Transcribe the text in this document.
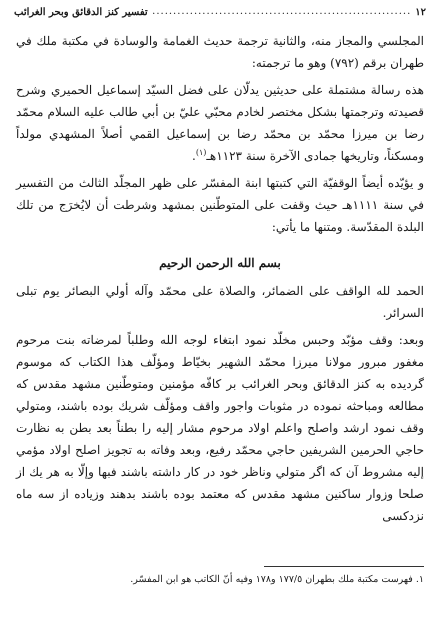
١٢
.....
تفسير كنز الدقائق وبحر الغرائب

المجلسي والمجاز منه، والثانية ترجمة حديث الغمامة والوسادة في مكتبة ملك في طهران برقم (٧٩٢) وهو ما ترجمته:

هذه رسالة مشتملة على حديثين يدلّان على فضل السيّد إسماعيل الحميري وشرح قصيدته وترجمتها بشكل مختصر لخادم محبّي عليّ بن أبي طالب عليه السلام محمّد رضا بن ميرزا محمّد بن محمّد رضا بن إسماعيل القمي أصلاً المشهدي مولداً ومسكناً، وتاريخها جمادى الآخرة سنة ١١٢٣هـ$^{(١)}$.

و يؤيّده أيضاً الوقفيّة التي كتبتها ابنة المفسّر على ظهر المجلّد الثالث من التفسير في سنة ١١١١هـ حيث وقفت على المتوطّنين بمشهد وشرطت أن لايُخرَج من تلك البلدة المقدّسة. ومتنها ما يأتي:

بسم الله الرحمن الرحيم

الحمد لله الواقف على الضمائر، والصلاة على محمّد وآله أولي البصائر يوم تبلى السرائر.

وبعد: وقف مؤبّد وحبس مخلّد نمود ابتغاء لوجه الله وطلباً لمرضاته بنت مرحوم مغفور مبرور مولانا ميرزا محمّد الشهير بخيّاط ومؤلّف هذا الكتاب كه موسوم گرديده به كنز الدقائق وبحر الغرائب بر كافّه مؤمنين ومتوطّنين مشهد مقدس كه مطالعه ومباحثه نموده در مثوبات واجور واقف ومؤلّف شريك بوده باشند، ومتولي وقف نمود ارشد واصلح واعلم اولاد مرحوم مشار إليه را بطناً بعد بطن به نظارت حاجي الحرمين الشريفين حاجي محمّد رفيع، وبعد وفاته به تجويز اصلح اولاد مؤمي إليه مشروط آن كه اگر متولي وناظر خود در كار داشته باشند فبها وإلّا به هر يك از صلحا وزوار ساكنين مشهد مقدس كه معتمد بوده باشند بدهند وزياده از سه ماه نزدكسى

١. فهرست مكتبة ملك بطهران ١٧٧/٥ و١٧٨ وفيه أنّ الكاتب هو ابن المفسّر.
